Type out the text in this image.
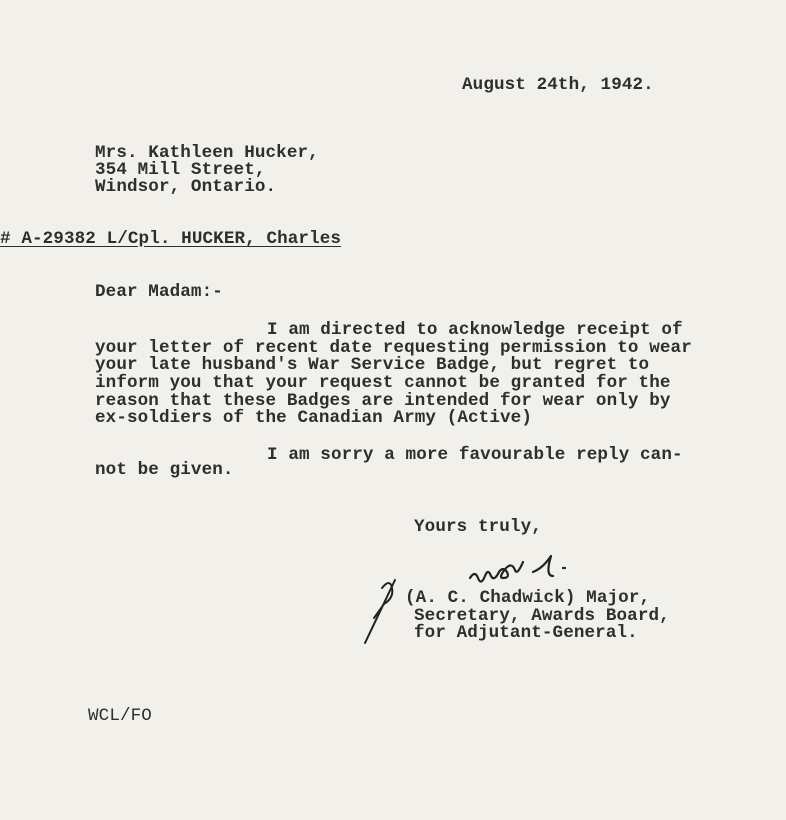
August 24th, 1942.
Mrs. Kathleen Hucker,
354 Mill Street,
Windsor, Ontario.
# A-29382 L/Cpl. HUCKER, Charles
Dear Madam:-
I am directed to acknowledge receipt of
your letter of recent date requesting permission to wear
your late husband's War Service Badge, but regret to
inform you that your request cannot be granted for the
reason that these Badges are intended for wear only by
ex-soldiers of the Canadian Army (Active)
I am sorry a more favourable reply can-
not be given.
Yours truly,
(A. C. Chadwick) Major,
Secretary, Awards Board,
for Adjutant-General.
WCL/FO
